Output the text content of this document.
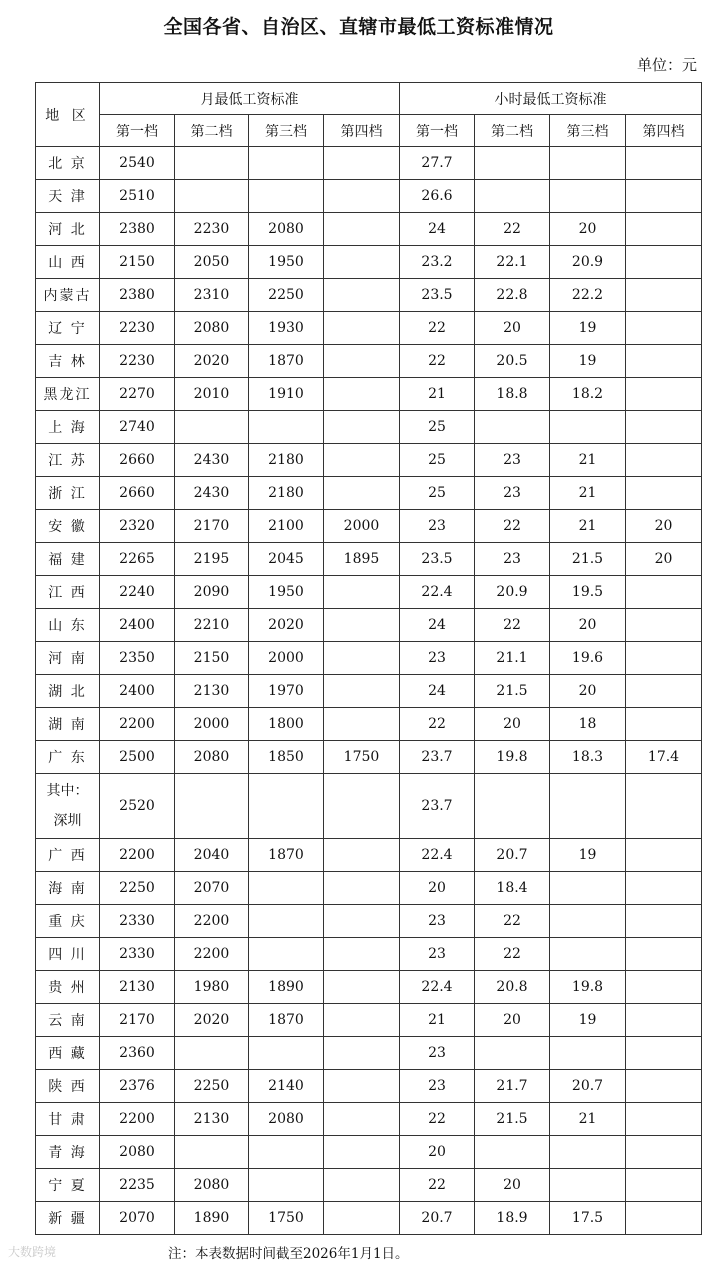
全国各省、自治区、直辖市最低工资标准情况
单位：元
地 区	月最低工资标准				小时最低工资标准			
	第一档	第二档	第三档	第四档	第一档	第二档	第三档	第四档
北 京	2540				27.7			
天 津	2510				26.6			
河 北	2380	2230	2080		24	22	20	
山 西	2150	2050	1950		23.2	22.1	20.9	
内蒙古	2380	2310	2250		23.5	22.8	22.2	
辽 宁	2230	2080	1930		22	20	19	
吉 林	2230	2020	1870		22	20.5	19	
黑龙江	2270	2010	1910		21	18.8	18.2	
上 海	2740				25			
江 苏	2660	2430	2180		25	23	21	
浙 江	2660	2430	2180		25	23	21	
安 徽	2320	2170	2100	2000	23	22	21	20
福 建	2265	2195	2045	1895	23.5	23	21.5	20
江 西	2240	2090	1950		22.4	20.9	19.5	
山 东	2400	2210	2020		24	22	20	
河 南	2350	2150	2000		23	21.1	19.6	
湖 北	2400	2130	1970		24	21.5	20	
湖 南	2200	2000	1800		22	20	18	
广 东	2500	2080	1850	1750	23.7	19.8	18.3	17.4

其中：
深圳	2520				23.7			
广 西	2200	2040	1870		22.4	20.7	19	
海 南	2250	2070			20	18.4		
重 庆	2330	2200			23	22		
四 川	2330	2200			23	22		
贵 州	2130	1980	1890		22.4	20.8	19.8	
云 南	2170	2020	1870		21	20	19	
西 藏	2360				23			
陕 西	2376	2250	2140		23	21.7	20.7	
甘 肃	2200	2130	2080		22	21.5	21	
青 海	2080				20			
宁 夏	2235	2080			22	20		
新 疆	2070	1890	1750		20.7	18.9	17.5	
注：本表数据时间截至2026年1月1日。
大数跨境
